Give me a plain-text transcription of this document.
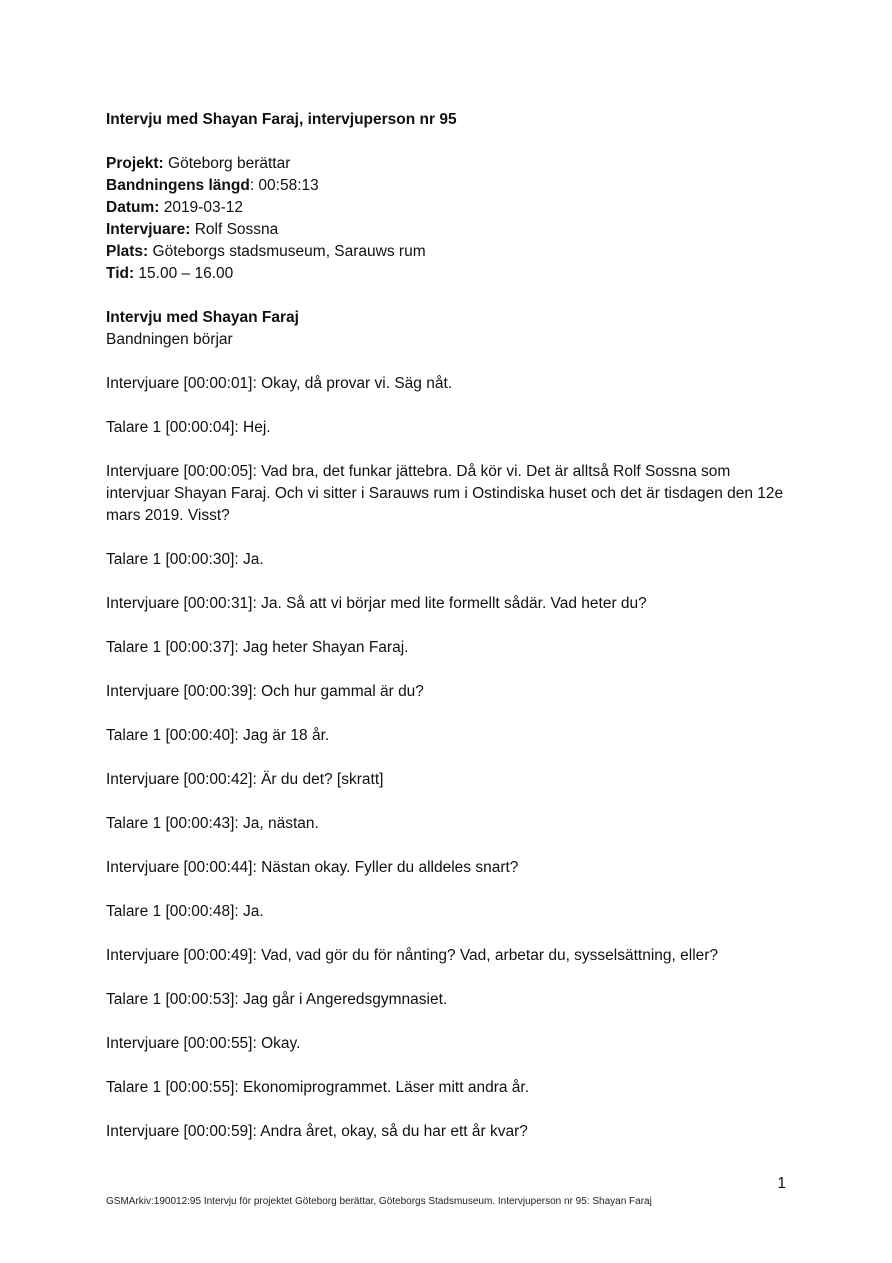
Intervju med Shayan Faraj, intervjuperson nr 95

Projekt: Göteborg berättar

Bandningens längd: 00:58:13

Datum: 2019-03-12

Intervjuare: Rolf Sossna

Plats: Göteborgs stadsmuseum, Sarauws rum

Tid: 15.00 – 16.00

Intervju med Shayan Faraj

Bandningen börjar

Intervjuare [00:00:01]: Okay, då provar vi. Säg nåt.

Talare 1 [00:00:04]: Hej.

Intervjuare [00:00:05]: Vad bra, det funkar jättebra. Då kör vi. Det är alltså Rolf Sossna som intervjuar Shayan Faraj. Och vi sitter i Sarauws rum i Ostindiska huset och det är tisdagen den 12e mars 2019. Visst?

Talare 1 [00:00:30]: Ja.

Intervjuare [00:00:31]: Ja. Så att vi börjar med lite formellt sådär. Vad heter du?

Talare 1 [00:00:37]: Jag heter Shayan Faraj.

Intervjuare [00:00:39]: Och hur gammal är du?

Talare 1 [00:00:40]: Jag är 18 år.

Intervjuare [00:00:42]: Är du det? [skratt]

Talare 1 [00:00:43]: Ja, nästan.

Intervjuare [00:00:44]: Nästan okay. Fyller du alldeles snart?

Talare 1 [00:00:48]: Ja.

Intervjuare [00:00:49]: Vad, vad gör du för nånting? Vad, arbetar du, sysselsättning, eller?

Talare 1 [00:00:53]: Jag går i Angeredsgymnasiet.

Intervjuare [00:00:55]: Okay.

Talare 1 [00:00:55]: Ekonomiprogrammet. Läser mitt andra år.

Intervjuare [00:00:59]: Andra året, okay, så du har ett år kvar?

1
GSMArkiv:190012:95 Intervju för projektet Göteborg berättar, Göteborgs Stadsmuseum. Intervjuperson nr 95: Shayan Faraj
